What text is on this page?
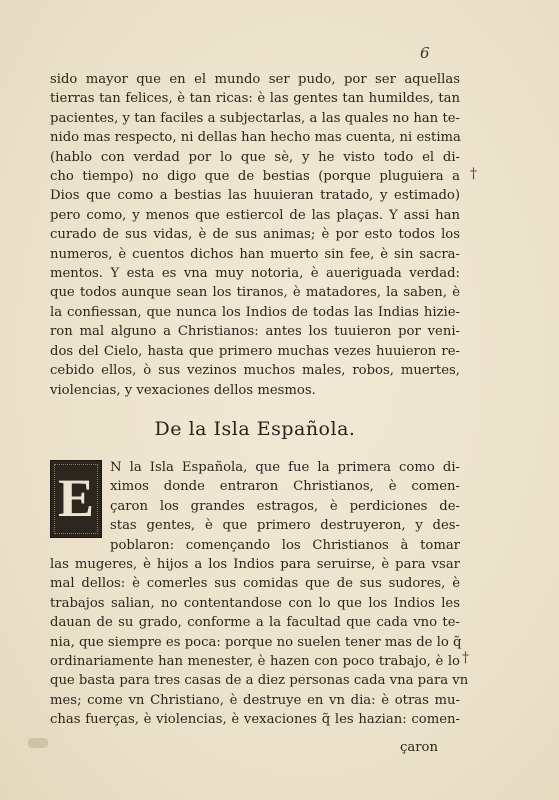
6
sido mayor que en el mundo ser pudo, por ser aquellas
tierras tan felices, è tan ricas: è las gentes tan humildes, tan
pacientes, y tan faciles a subjectarlas, a las quales no han te-
nido mas respecto, ni dellas han hecho mas cuenta, ni estima
(hablo con verdad por lo que sè, y he visto todo el di-
cho tiempo) no digo que de bestias (porque pluguiera a
Dios que como a bestias las huuieran tratado, y estimado)
pero como, y menos que estiercol de las plaças. Y assi han
curado de sus vidas, è de sus animas; è por esto todos los
numeros, è cuentos dichos han muerto sin fee, è sin sacra-
mentos. Y esta es vna muy notoria, è aueriguada verdad:
que todos aunque sean los tiranos, è matadores, la saben, è
la confiessan, que nunca los Indios de todas las Indias hizie-
ron mal alguno a Christianos: antes los tuuieron por veni-
dos del Cielo, hasta que primero muchas vezes huuieron re-
cebido ellos, ò sus vezinos muchos males, robos, muertes,
violencias, y vexaciones dellos mesmos.
†
De la Isla Española.
E
N la Isla Española, que fue la primera como di-
ximos donde entraron Christianos, è comen-
çaron los grandes estragos, è perdiciones de-
stas gentes, è que primero destruyeron, y des-
poblaron: començando los Christianos à tomar
las mugeres, è hijos a los Indios para seruirse, è para vsar
mal dellos: è comerles sus comidas que de sus sudores, è
trabajos salian, no contentandose con lo que los Indios les
dauan de su grado, conforme a la facultad que cada vno te-
nia, que siempre es poca: porque no suelen tener mas de lo q̃
ordinariamente han menester, è hazen con poco trabajo, è lo
que basta para tres casas de a diez personas cada vna para vn
mes; come vn Christiano, è destruye en vn dia: è otras mu-
chas fuerças, è violencias, è vexaciones q̃ les hazian: comen-
†
çaron
